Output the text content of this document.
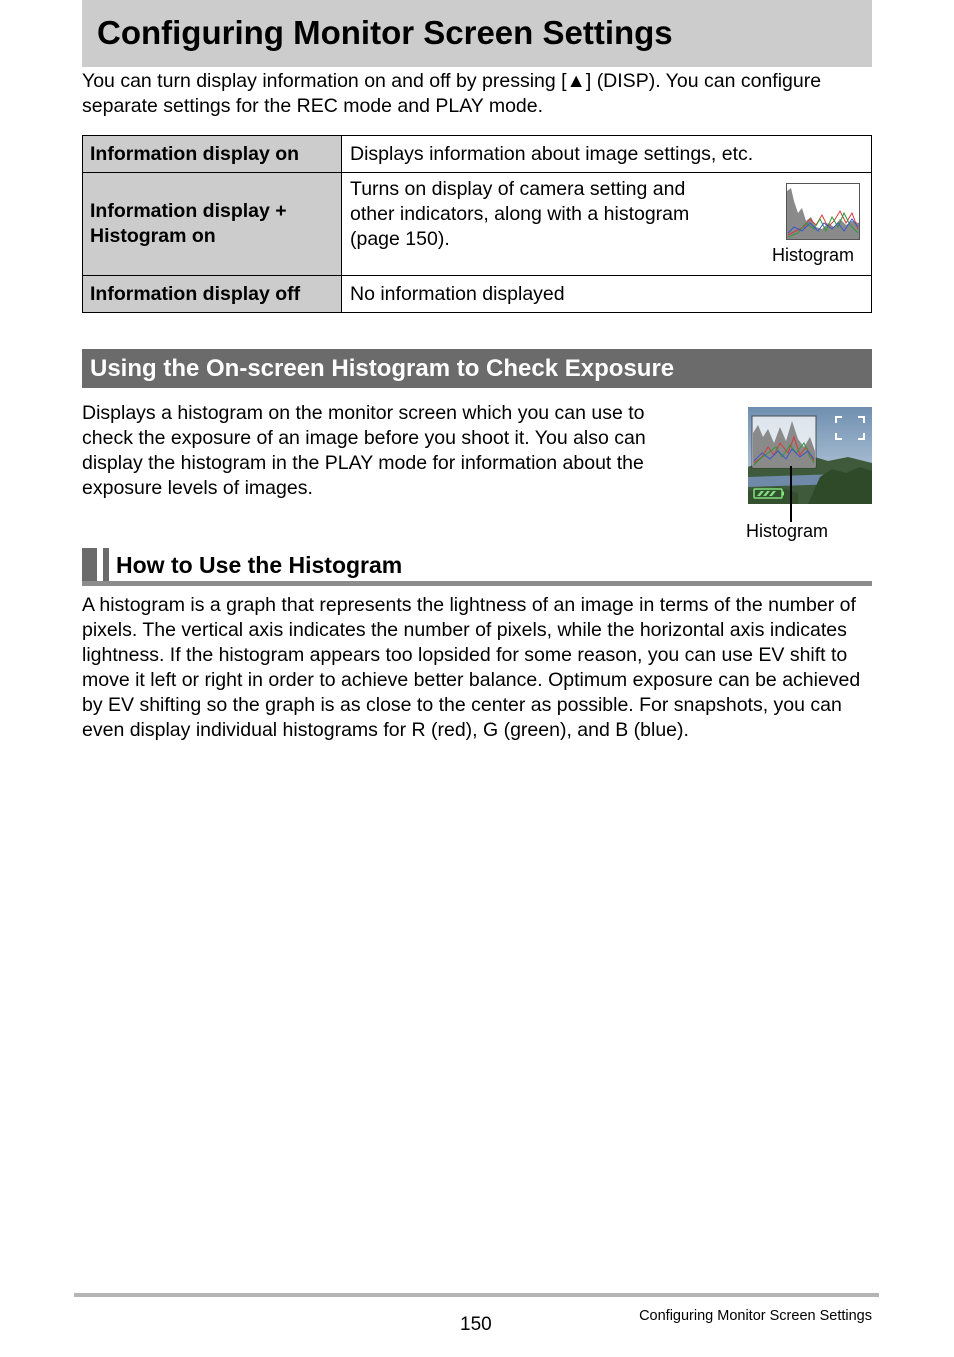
Configuring Monitor Screen Settings

You can turn display information on and off by pressing [▲] (DISP). You can configure separate settings for the REC mode and PLAY mode.

Information display on	Displays information about image settings, etc.
Information display + Histogram on	Turns on display of camera setting and other indicators, along with a histogram (page 150).
Histogram

Information display off	No information displayed
Using the On-screen Histogram to Check Exposure

Displays a histogram on the monitor screen which you can use to check the exposure of an image before you shoot it. You also can display the histogram in the PLAY mode for information about the exposure levels of images.

Histogram
How to Use the Histogram

A histogram is a graph that represents the lightness of an image in terms of the number of pixels. The vertical axis indicates the number of pixels, while the horizontal axis indicates lightness. If the histogram appears too lopsided for some reason, you can use EV shift to move it left or right in order to achieve better balance. Optimum exposure can be achieved by EV shifting so the graph is as close to the center as possible. For snapshots, you can even display individual histograms for R (red), G (green), and B (blue).

150	Configuring Monitor Screen Settings
